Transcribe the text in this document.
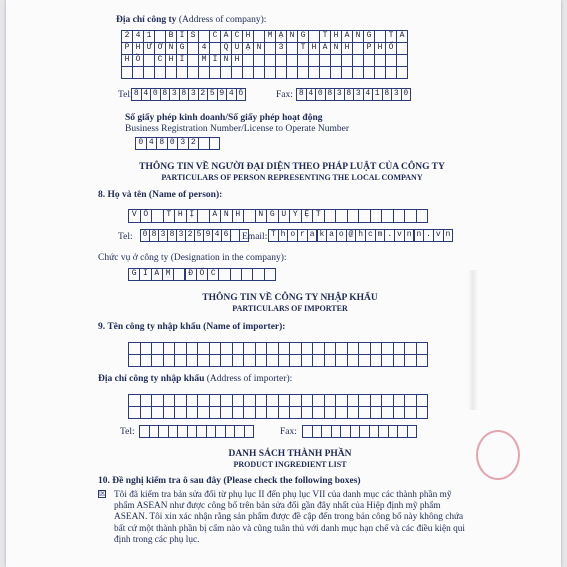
Địa chỉ công ty (Address of company):
2 4 1	B I S	C Á C H	M Ạ N G	T H Á N G	T Á
P H Ư Ờ N G	4	Q U Ậ N	3	T H À N H	P H Ố
H Ồ	C H Í	M I N H
Tel: 8 4 0 8 3 8 3 2 5 9 4 б	Fax: 8 4 0 8 3 8 3 4 1 8 3 0
Số giấy phép kinh doanh/Số giấy phép hoạt động
Business Registration Number/License to Operate Number
0 4 8 0 3 2
THÔNG TIN VỀ NGƯỜI ĐẠI DIỆN THEO PHÁP LUẬT CỦA CÔNG TY
PARTICULARS OF PERSON REPRESENTING THE LOCAL COMPANY
8. Họ và tên (Name of person):
V Õ	T H Ị	Á N H	N G U Y Ệ T
Tel:	0 8 3 8 3 2 5 9 4 6 Email: T h o r a k a o @ h c m . v n n . v n
Chức vụ ở công ty (Designation in the company):
G I Á M	Đ Ố C
THÔNG TIN VỀ CÔNG TY NHẬP KHẨU
PARTICULARS OF IMPORTER
9. Tên công ty nhập khẩu (Name of importer):
Địa chỉ công ty nhập khẩu (Address of importer):
Tel:	Fax:
DANH SÁCH THÀNH PHẦN
PRODUCT INGREDIENT LIST
10. Đề nghị kiểm tra ô sau đây (Please check the following boxes)
☒ Tôi đã kiểm tra bản sửa đổi từ phụ lục II đến phụ lục VII của danh mục các thành phần mỹ phẩm ASEAN như được công bố trên bản sửa đổi gần đây nhất của Hiệp định mỹ phẩm ASEAN. Tôi xin xác nhận rằng sản phẩm được đề cập đến trong bản công bố này không chứa bất cứ một thành phần bị cấm nào và cũng tuân thủ với danh mục hạn chế và các điều kiện qui định trong các phụ lục.
